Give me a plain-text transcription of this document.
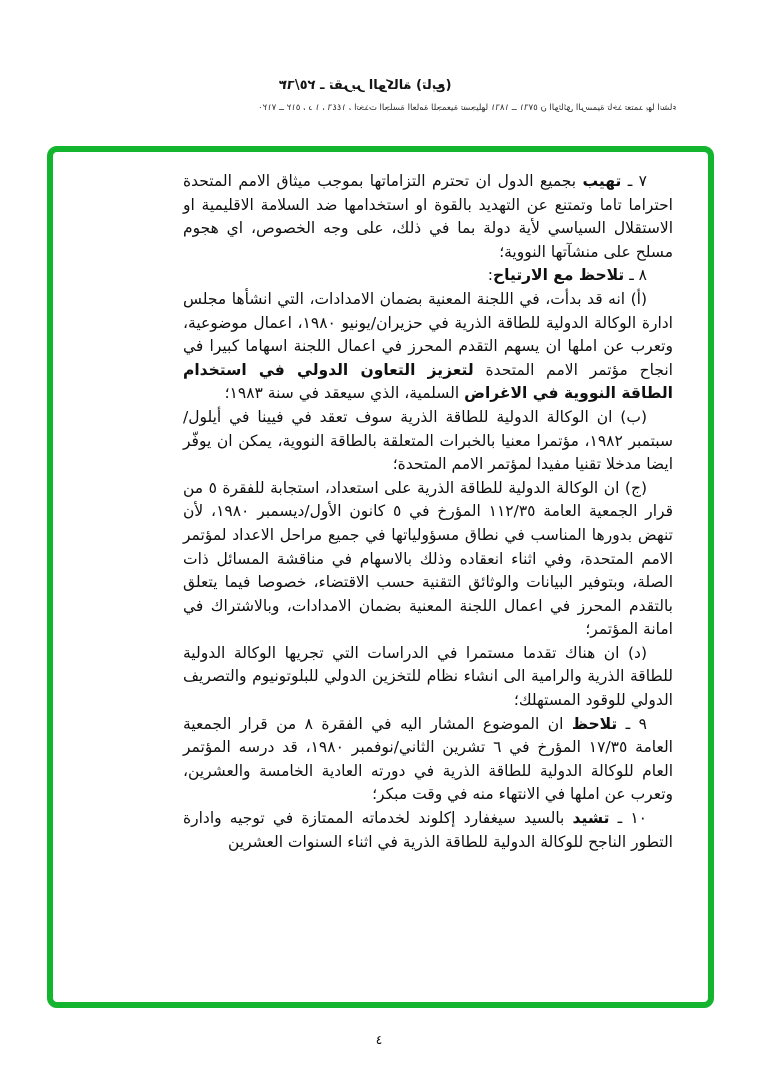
٢٥/٦٣ ـ تقرير الوكالة (تابع)
٧١٢٠ ــ ٥١٢ ، د ١ ، ١٤٤٦ ، اتخذت الجلسة العامة للجمعية تسجيلها ١٨٦١ ــ ٥٧٦١ ن الوثائق الرسمية تأخذ تعتمد بها انشاء

٧ ـ تهيب بجميع الدول ان تحترم التزاماتها بموجب ميثاق الامم المتحدة احتراما تاما وتمتنع عن التهديد بالقوة او استخدامها ضد السلامة الاقليمية او الاستقلال السياسي لأية دولة بما في ذلك، على وجه الخصوص، اي هجوم مسلح على منشآتها النووية؛

٨ ـ تلاحظ مع الارتياح:

(أ) انه قد بدأت، في اللجنة المعنية بضمان الامدادات، التي انشأها مجلس ادارة الوكالة الدولية للطاقة الذرية في حزيران/يونيو ١٩٨٠، اعمال موضوعية، وتعرب عن املها ان يسهم التقدم المحرز في اعمال اللجنة اسهاما كبيرا في انجاح مؤتمر الامم المتحدة لتعزيز التعاون الدولي في استخدام الطاقة النووية في الاغراض السلمية، الذي سيعقد في سنة ١٩٨٣؛

(ب) ان الوكالة الدولية للطاقة الذرية سوف تعقد في فيينا في أيلول/سبتمبر ١٩٨٢، مؤتمرا معنيا بالخبرات المتعلقة بالطاقة النووية، يمكن ان يوفّر ايضا مدخلا تقنيا مفيدا لمؤتمر الامم المتحدة؛

(ج) ان الوكالة الدولية للطاقة الذرية على استعداد، استجابة للفقرة ٥ من قرار الجمعية العامة ١١٢/٣٥ المؤرخ في ٥ كانون الأول/ديسمبر ١٩٨٠، لأن تنهض بدورها المناسب في نطاق مسؤولياتها في جميع مراحل الاعداد لمؤتمر الامم المتحدة، وفي اثناء انعقاده وذلك بالاسهام في مناقشة المسائل ذات الصلة، وبتوفير البيانات والوثائق التقنية حسب الاقتضاء، خصوصا فيما يتعلق بالتقدم المحرز في اعمال اللجنة المعنية بضمان الامدادات، وبالاشتراك في امانة المؤتمر؛

(د) ان هناك تقدما مستمرا في الدراسات التي تجريها الوكالة الدولية للطاقة الذرية والرامية الى انشاء نظام للتخزين الدولي للبلوتونيوم والتصريف الدولي للوقود المستهلك؛

٩ ـ تلاحظ ان الموضوع المشار اليه في الفقرة ٨ من قرار الجمعية العامة ١٧/٣٥ المؤرخ في ٦ تشرين الثاني/نوفمبر ١٩٨٠، قد درسه المؤتمر العام للوكالة الدولية للطاقة الذرية في دورته العادية الخامسة والعشرين، وتعرب عن املها في الانتهاء منه في وقت مبكر؛

١٠ ـ تشيد بالسيد سيغفارد إكلوند لخدماته الممتازة في توجيه وادارة التطور الناجح للوكالة الدولية للطاقة الذرية في اثناء السنوات العشرين

٤
